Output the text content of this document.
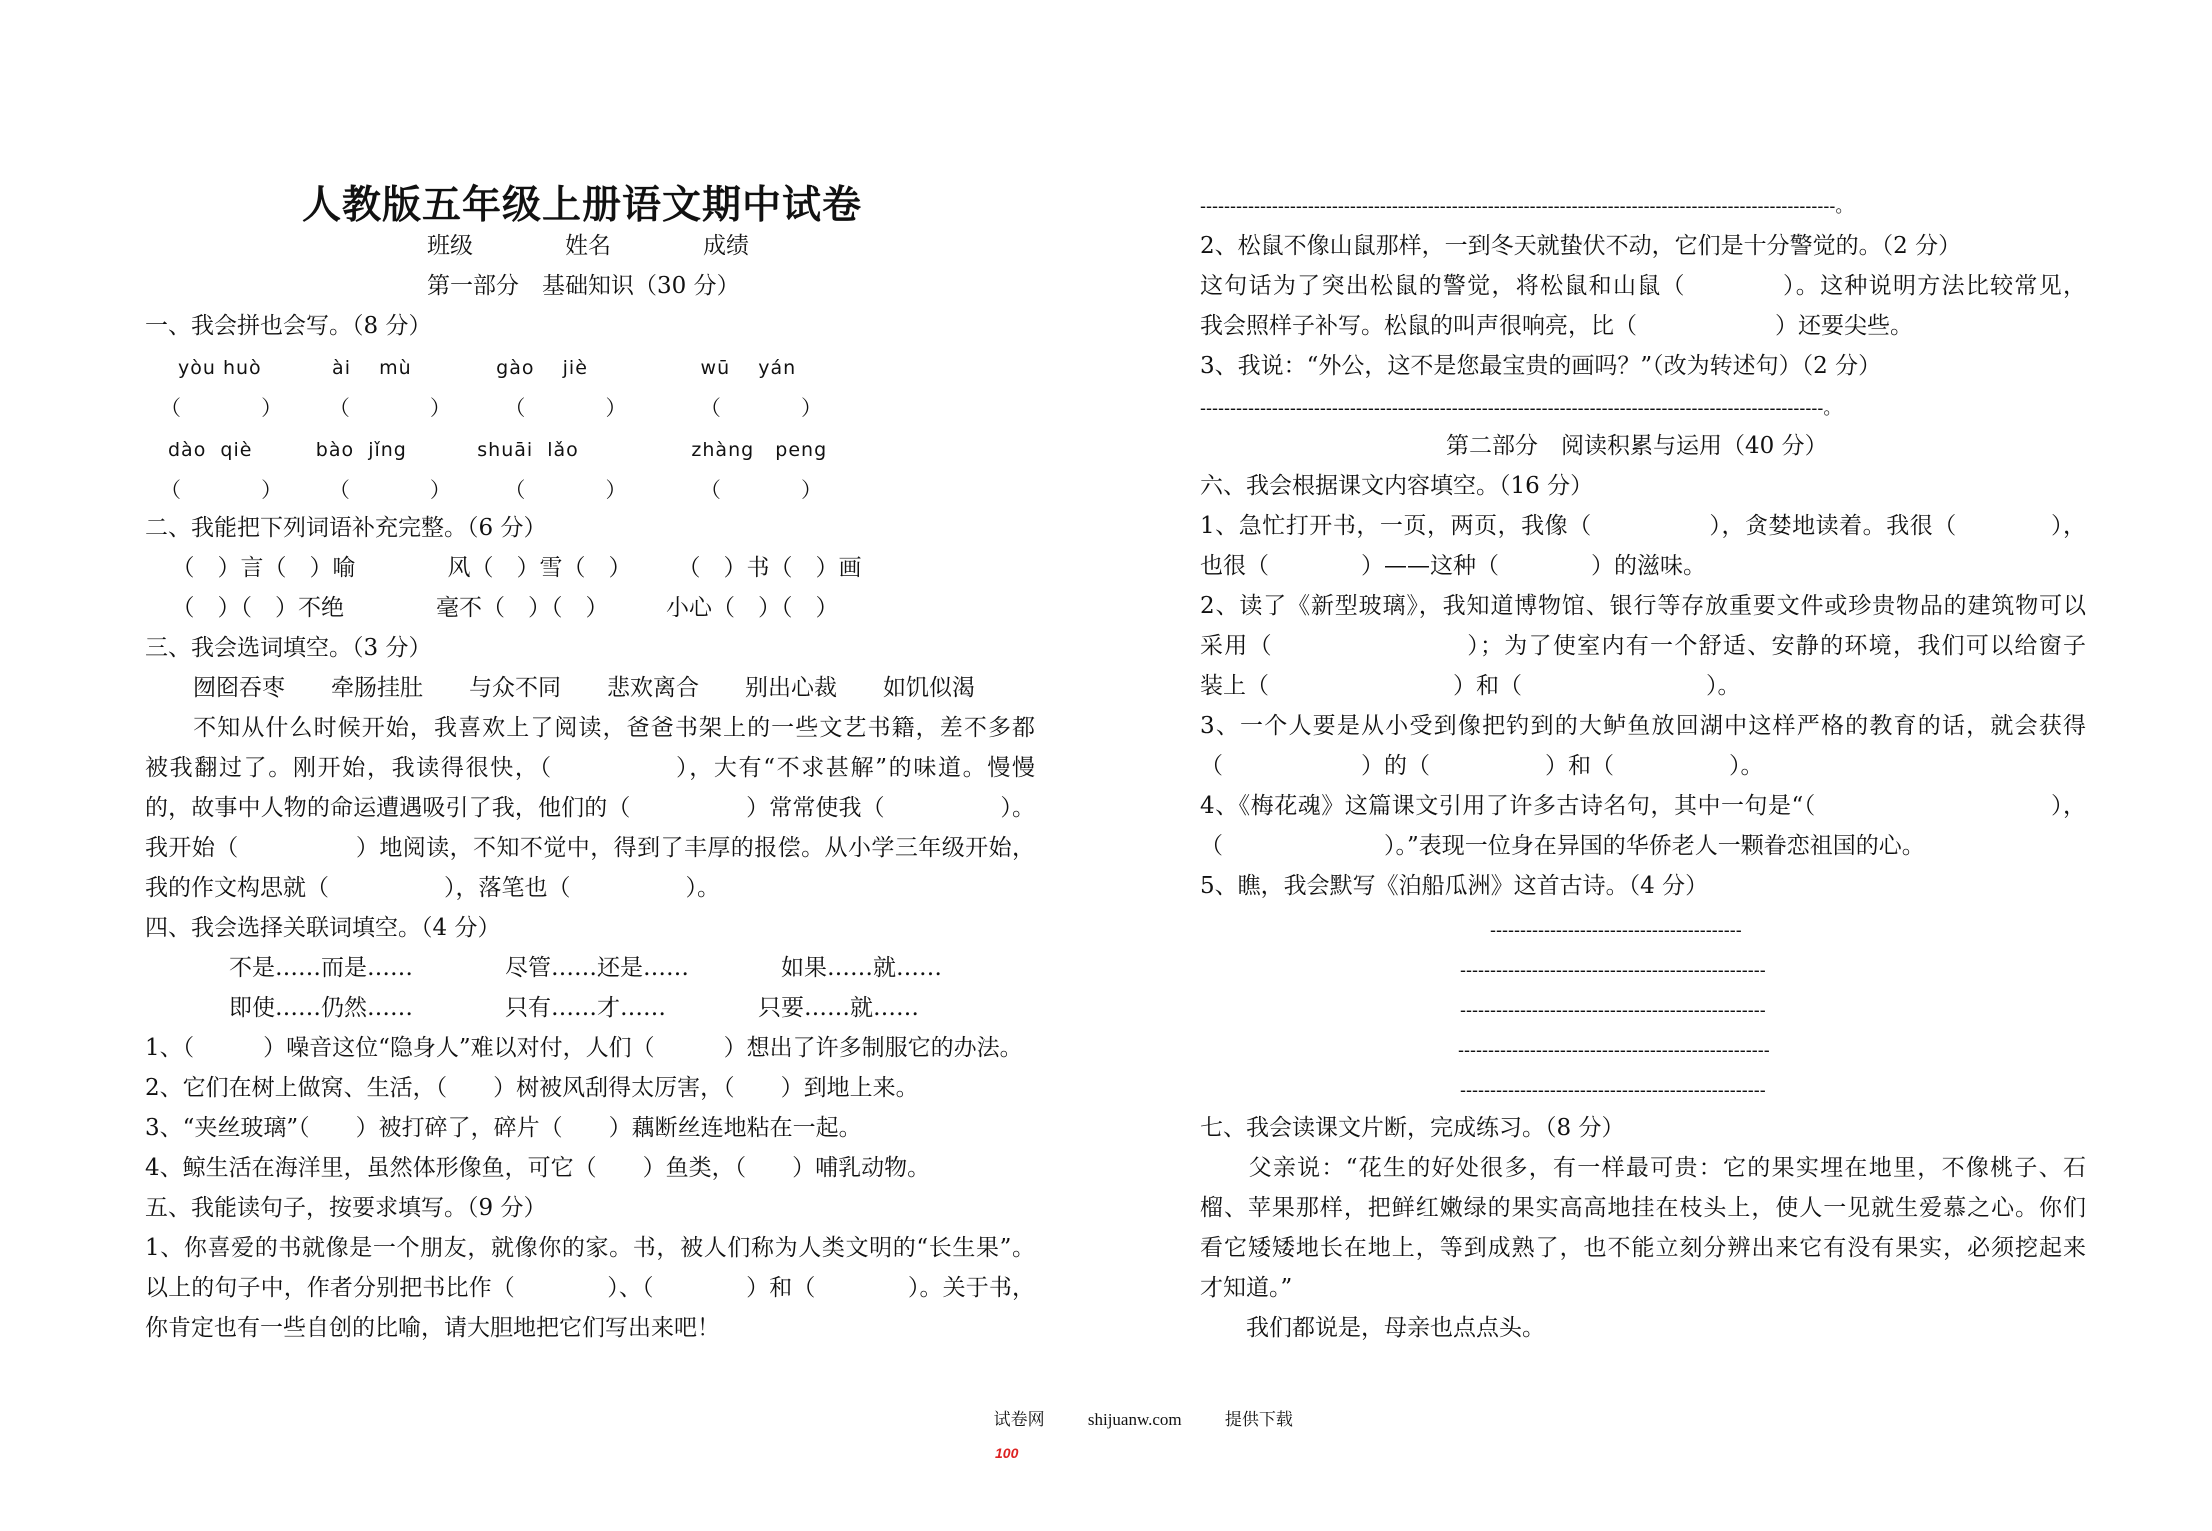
人教版五年级上册语文期中试卷
班级　　　　姓名　　　　成绩
第一部分　基础知识（30 分）
一、我会拼也会写。（8 分）
yòu huò          ài    mù            gào    jiè                wū    yán
（            ）       （            ）        （            ）           （            ）
dào  qiè         bào  jǐng          shuāi  lǎo                zhàng   peng
（            ）       （            ）        （            ）           （            ）
二、我能把下列词语补充完整。（6 分）
　（　）言（　）喻　　　　风（　）雪（　）　　　（　）书（　）画
　（　）（　）不绝　　　　毫不（　）（　）　　　小心（　）（　）
三、我会选词填空。（3 分）
　囫囵吞枣　　牵肠挂肚　　与众不同　　悲欢离合　　别出心裁　　如饥似渴
　　不知从什么时候开始，我喜欢上了阅读，爸爸书架上的一些文艺书籍，差不多都
被我翻过了。刚开始，我读得很快，（　　　　　），大有“不求甚解”的味道。慢慢
的，故事中人物的命运遭遇吸引了我，他们的（　　　　　）常常使我（　　　　　）。
我开始（　　　　　）地阅读，不知不觉中，得到了丰厚的报偿。从小学三年级开始，
我的作文构思就（　　　　　），落笔也（　　　　　）。
四、我会选择关联词填空。（4 分）
　　　不是……而是……　　　　尽管……还是……　　　　如果……就……
　　　即使……仍然……　　　　只有……才……　　　　只要……就……
1、（　　　）噪音这位“隐身人”难以对付，人们（　　　）想出了许多制服它的办法。
2、它们在树上做窝、生活，（　　）树被风刮得太厉害，（　　）到地上来。
3、“夹丝玻璃”（　　）被打碎了，碎片（　　）藕断丝连地粘在一起。
4、鲸生活在海洋里，虽然体形像鱼，可它（　　）鱼类，（　　）哺乳动物。
五、我能读句子，按要求填写。（9 分）
1、你喜爱的书就像是一个朋友，就像你的家。书，被人们称为人类文明的“长生果”。
以上的句子中，作者分别把书比作（　　　　）、（　　　　）和（　　　　）。关于书，
你肯定也有一些自创的比喻，请大胆地把它们写出来吧！
----------------------------------------------------------------------------------------------------------。
2、松鼠不像山鼠那样，一到冬天就蛰伏不动，它们是十分警觉的。（2 分）
这句话为了突出松鼠的警觉，将松鼠和山鼠（　　　　）。这种说明方法比较常见，
我会照样子补写。松鼠的叫声很响亮，比（　　　　　　）还要尖些。
3、我说：“外公，这不是您最宝贵的画吗？”（改为转述句）（2 分）
--------------------------------------------------------------------------------------------------------。
第二部分　阅读积累与运用（40 分）
六、我会根据课文内容填空。（16 分）
1、急忙打开书，一页，两页，我像（　　　　　），贪婪地读着。我很（　　　　），
也很（　　　　）——这种（　　　　）的滋味。
2、读了《新型玻璃》，我知道博物馆、银行等存放重要文件或珍贵物品的建筑物可以
采用（　　　　　　　　）；为了使室内有一个舒适、安静的环境，我们可以给窗子
装上（　　　　　　　　）和（　　　　　　　　）。
3、一个人要是从小受到像把钓到的大鲈鱼放回湖中这样严格的教育的话，就会获得
（　　　　　　）的（　　　　　）和（　　　　　）。
4、《梅花魂》这篇课文引用了许多古诗名句，其中一句是“（　　　　　　　　　　），
（　　　　　　　）。”表现一位身在异国的华侨老人一颗眷恋祖国的心。
5、瞧，我会默写《泊船瓜洲》这首古诗。（4 分）
------------------------------------------
---------------------------------------------------
---------------------------------------------------
----------------------------------------------------
---------------------------------------------------
七、我会读课文片断，完成练习。（8 分）
　　父亲说：“花生的好处很多，有一样最可贵：它的果实埋在地里，不像桃子、石
榴、苹果那样，把鲜红嫩绿的果实高高地挂在枝头上，使人一见就生爱慕之心。你们
看它矮矮地长在地上，等到成熟了，也不能立刻分辨出来它有没有果实，必须挖起来
才知道。”
　　我们都说是，母亲也点点头。

100

试卷网	shijuanw.com	提供下载
